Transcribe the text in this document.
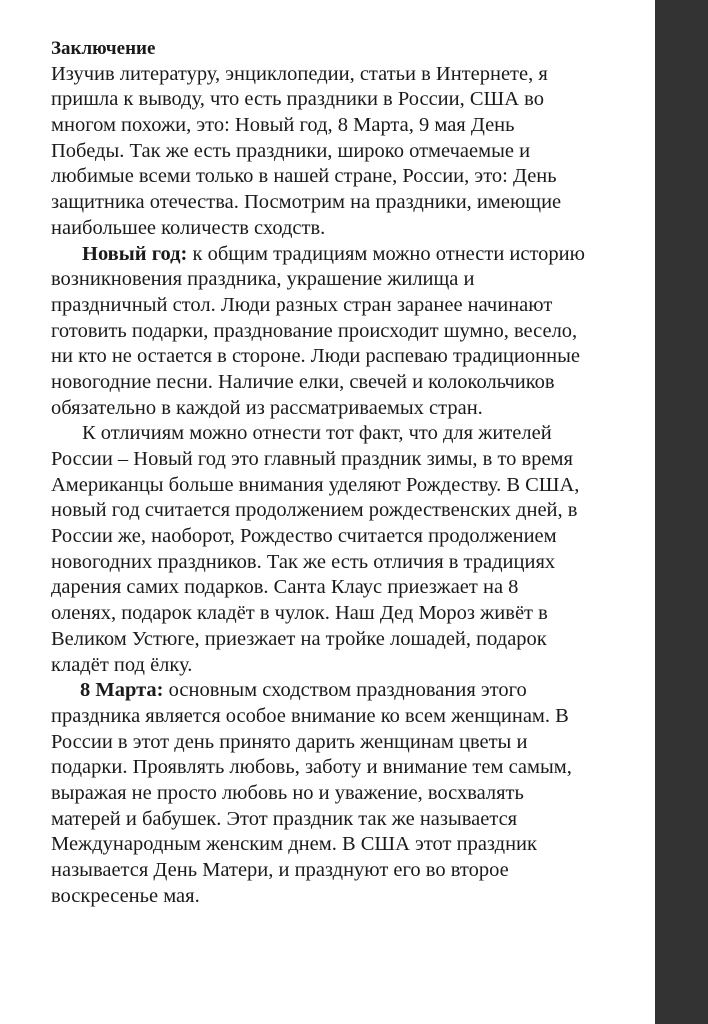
Заключение
Изучив литературу, энциклопедии, статьи в Интернете, я
пришла к выводу, что есть праздники в России, США во
многом похожи, это: Новый год, 8 Марта, 9 мая День
Победы. Так же есть праздники, широко отмечаемые и
любимые всеми только в нашей стране, России, это: День
защитника отечества. Посмотрим на праздники, имеющие
наибольшее количеств сходств.
Новый год: к общим традициям можно отнести историю
возникновения праздника, украшение жилища и
праздничный стол. Люди разных стран заранее начинают
готовить подарки, празднование происходит шумно, весело,
ни кто не остается в стороне. Люди распеваю традиционные
новогодние песни. Наличие елки, свечей и колокольчиков
обязательно в каждой из рассматриваемых стран.
К отличиям можно отнести тот факт, что для жителей
России – Новый год это главный праздник зимы, в то время
Американцы больше внимания уделяют Рождеству. В США,
новый год считается продолжением рождественских дней, в
России же, наоборот, Рождество считается продолжением
новогодних праздников. Так же есть отличия в традициях
дарения самих подарков. Санта Клаус приезжает на 8
оленях, подарок кладёт в чулок. Наш Дед Мороз живёт в
Великом Устюге, приезжает на тройке лошадей, подарок
кладёт под ёлку.
8 Марта: основным сходством празднования этого
праздника является особое внимание ко всем женщинам. В
России в этот день принято дарить женщинам цветы и
подарки. Проявлять любовь, заботу и внимание тем самым,
выражая не просто любовь но и уважение, восхвалять
матерей и бабушек. Этот праздник так же называется
Международным женским днем. В США этот праздник
называется День Матери, и празднуют его во второе
воскресенье мая.
